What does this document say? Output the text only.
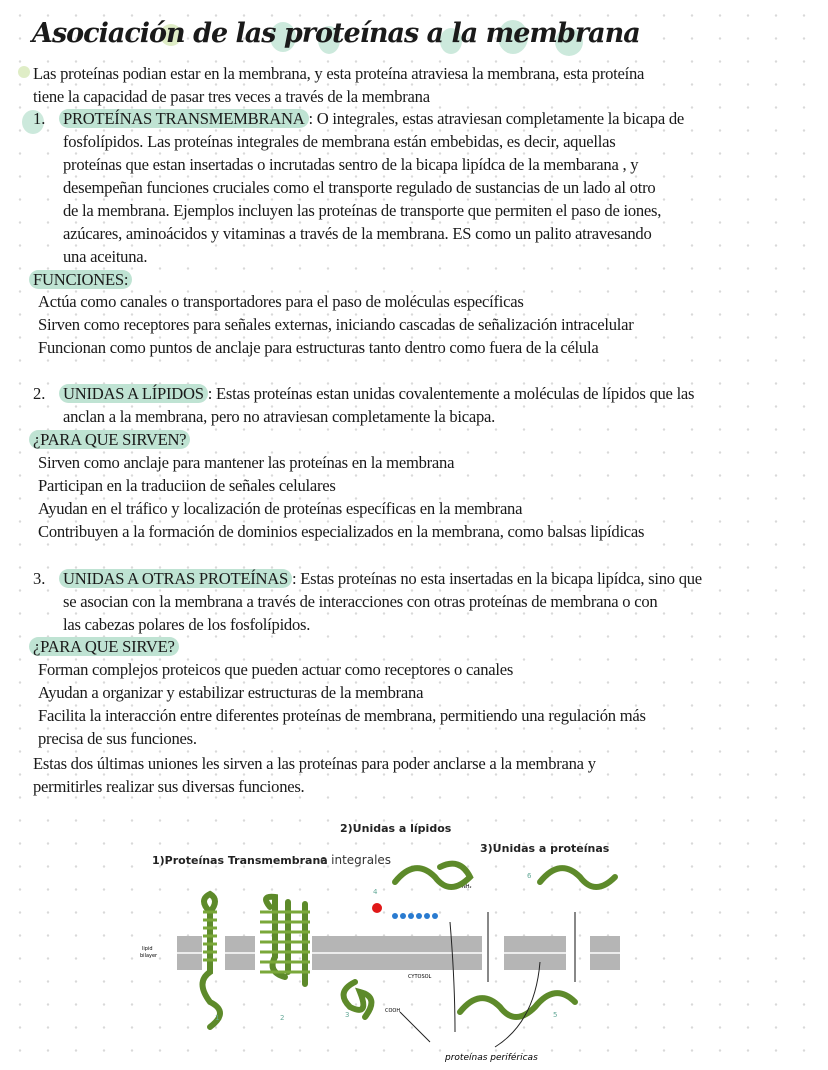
Asociación de las proteínas a la membrana
Las proteínas podian estar en la membrana, y esta proteína atraviesa la membrana, esta proteína
tiene la capacidad de pasar tres veces a través de la membrana
1. PROTEÍNAS TRANSMEMBRANA : O integrales, estas atraviesan completamente la bicapa de
fosfolípidos. Las proteínas integrales de membrana están embebidas, es decir, aquellas
proteínas que estan insertadas o incrutadas sentro de la bicapa lipídca de la membarana , y
desempeñan funciones cruciales como el transporte regulado de sustancias de un lado al otro
de la membrana. Ejemplos incluyen las proteínas de transporte que permiten el paso de iones,
azúcares, aminoácidos y vitaminas a través de la membrana. ES como un palito atravesando
una aceituna.
FUNCIONES:
Actúa como canales o transportadores para el paso de moléculas específicas
Sirven como receptores para señales externas, iniciando cascadas de señalización intracelular
Funcionan como puntos de anclaje para estructuras tanto dentro como fuera de la célula
2. UNIDAS A LÍPIDOS : Estas proteínas estan unidas covalentemente a moléculas de lípidos que las
anclan a la membrana, pero no atraviesan completamente la bicapa.
¿PARA QUE SIRVEN?
Sirven como anclaje para mantener las proteínas en la membrana
Participan en la traduciion de señales celulares
Ayudan en el tráfico y localización de proteínas específicas en la membrana
Contribuyen a la formación de dominios especializados en la membrana, como balsas lipídicas
3. UNIDAS A OTRAS PROTEÍNAS : Estas proteínas no esta insertadas en la bicapa lipídca, sino que
se asocian con la membrana a través de interacciones con otras proteínas de membrana o con
las cabezas polares de los fosfolípidos.
¿PARA QUE SIRVE?
Forman complejos proteicos que pueden actuar como receptores o canales
Ayudan a organizar y estabilizar estructuras de la membrana
Facilita la interacción entre diferentes proteínas de membrana, permitiendo una regulación más
precisa de sus funciones.
Estas dos últimas uniones les sirven a las proteínas para poder anclarse a la membrana y
permitirles realizar sus diversas funciones.
2)Unidas a lípidos
3)Unidas a proteínas
1)Proteínas Transmembrana
o integrales
lipid
bilayer
CYTOSOL
NH₂
COOH
1	2	3
4
5
6
proteínas periféricas
